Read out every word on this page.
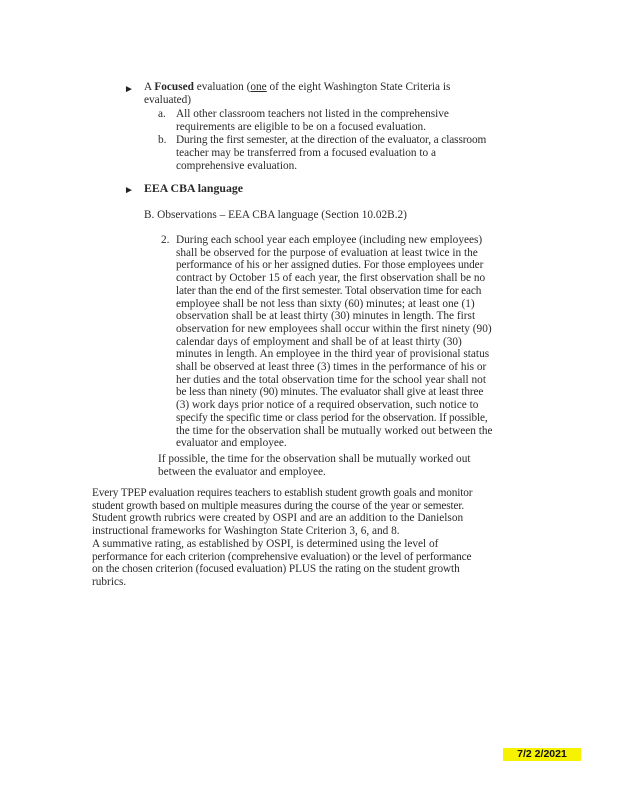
► A Focused evaluation (one of the eight Washington State Criteria is
evaluated)
a. All other classroom teachers not listed in the comprehensive
requirements are eligible to be on a focused evaluation.
b. During the first semester, at the direction of the evaluator, a classroom
teacher may be transferred from a focused evaluation to a
comprehensive evaluation.
► EEA CBA language
B. Observations – EEA CBA language (Section 10.02B.2)
2. During each school year each employee (including new employees)
shall be observed for the purpose of evaluation at least twice in the
performance of his or her assigned duties. For those employees under
contract by October 15 of each year, the first observation shall be no
later than the end of the first semester. Total observation time for each
employee shall be not less than sixty (60) minutes; at least one (1)
observation shall be at least thirty (30) minutes in length. The first
observation for new employees shall occur within the first ninety (90)
calendar days of employment and shall be of at least thirty (30)
minutes in length. An employee in the third year of provisional status
shall be observed at least three (3) times in the performance of his or
her duties and the total observation time for the school year shall not
be less than ninety (90) minutes. The evaluator shall give at least three
(3) work days prior notice of a required observation, such notice to
specify the specific time or class period for the observation. If possible,
the time for the observation shall be mutually worked out between the
evaluator and employee.
If possible, the time for the observation shall be mutually worked out
between the evaluator and employee.
Every TPEP evaluation requires teachers to establish student growth goals and monitor
student growth based on multiple measures during the course of the year or semester.
Student growth rubrics were created by OSPI and are an addition to the Danielson
instructional frameworks for Washington State Criterion 3, 6, and 8.
A summative rating, as established by OSPI, is determined using the level of
performance for each criterion (comprehensive evaluation) or the level of performance
on the chosen criterion (focused evaluation) PLUS the rating on the student growth
rubrics.
7/2 2/2021
